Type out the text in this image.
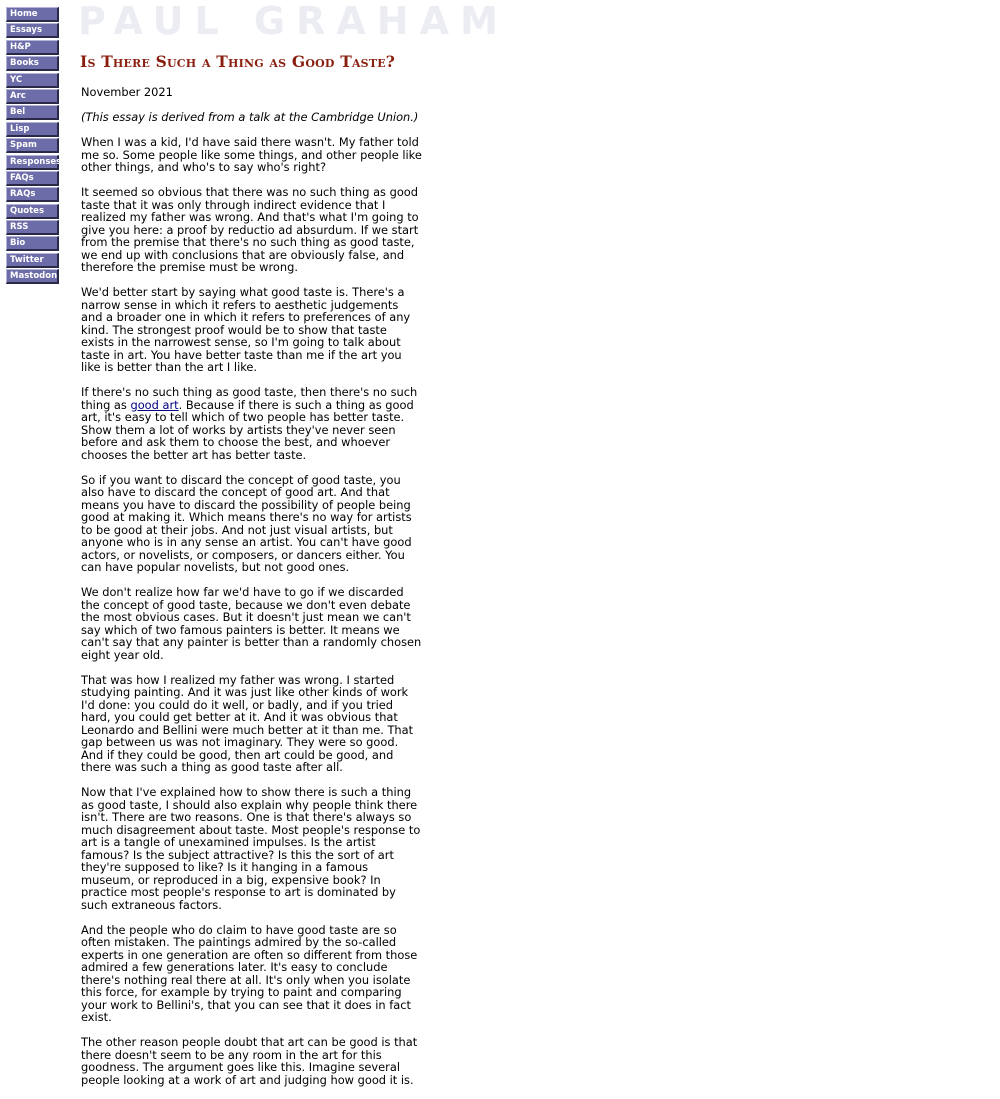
Home
Essays
H&P
Books
YC
Arc
Bel
Lisp
Spam
Responses
FAQs
RAQs
Quotes
RSS
Bio
Twitter
Mastodon
PAUL GRAHAM
Is There Such a Thing as Good Taste?

November 2021

(This essay is derived from a talk at the Cambridge Union.)

When I was a kid, I'd have said there wasn't. My father told me so. Some people like some things, and other people like other things, and who's to say who's right?

It seemed so obvious that there was no such thing as good taste that it was only through indirect evidence that I realized my father was wrong. And that's what I'm going to give you here: a proof by reductio ad absurdum. If we start from the premise that there's no such thing as good taste, we end up with conclusions that are obviously false, and therefore the premise must be wrong.

We'd better start by saying what good taste is. There's a narrow sense in which it refers to aesthetic judgements and a broader one in which it refers to preferences of any kind. The strongest proof would be to show that taste exists in the narrowest sense, so I'm going to talk about taste in art. You have better taste than me if the art you like is better than the art I like.

If there's no such thing as good taste, then there's no such thing as good art. Because if there is such a thing as good art, it's easy to tell which of two people has better taste. Show them a lot of works by artists they've never seen before and ask them to choose the best, and whoever chooses the better art has better taste.

So if you want to discard the concept of good taste, you also have to discard the concept of good art. And that means you have to discard the possibility of people being good at making it. Which means there's no way for artists to be good at their jobs. And not just visual artists, but anyone who is in any sense an artist. You can't have good actors, or novelists, or composers, or dancers either. You can have popular novelists, but not good ones.

We don't realize how far we'd have to go if we discarded the concept of good taste, because we don't even debate the most obvious cases. But it doesn't just mean we can't say which of two famous painters is better. It means we can't say that any painter is better than a randomly chosen eight year old.

That was how I realized my father was wrong. I started studying painting. And it was just like other kinds of work I'd done: you could do it well, or badly, and if you tried hard, you could get better at it. And it was obvious that Leonardo and Bellini were much better at it than me. That gap between us was not imaginary. They were so good. And if they could be good, then art could be good, and there was such a thing as good taste after all.

Now that I've explained how to show there is such a thing as good taste, I should also explain why people think there isn't. There are two reasons. One is that there's always so much disagreement about taste. Most people's response to art is a tangle of unexamined impulses. Is the artist famous? Is the subject attractive? Is this the sort of art they're supposed to like? Is it hanging in a famous museum, or reproduced in a big, expensive book? In practice most people's response to art is dominated by such extraneous factors.

And the people who do claim to have good taste are so often mistaken. The paintings admired by the so-called experts in one generation are often so different from those admired a few generations later. It's easy to conclude there's nothing real there at all. It's only when you isolate this force, for example by trying to paint and comparing your work to Bellini's, that you can see that it does in fact exist.

The other reason people doubt that art can be good is that there doesn't seem to be any room in the art for this goodness. The argument goes like this. Imagine several people looking at a work of art and judging how good it is.
